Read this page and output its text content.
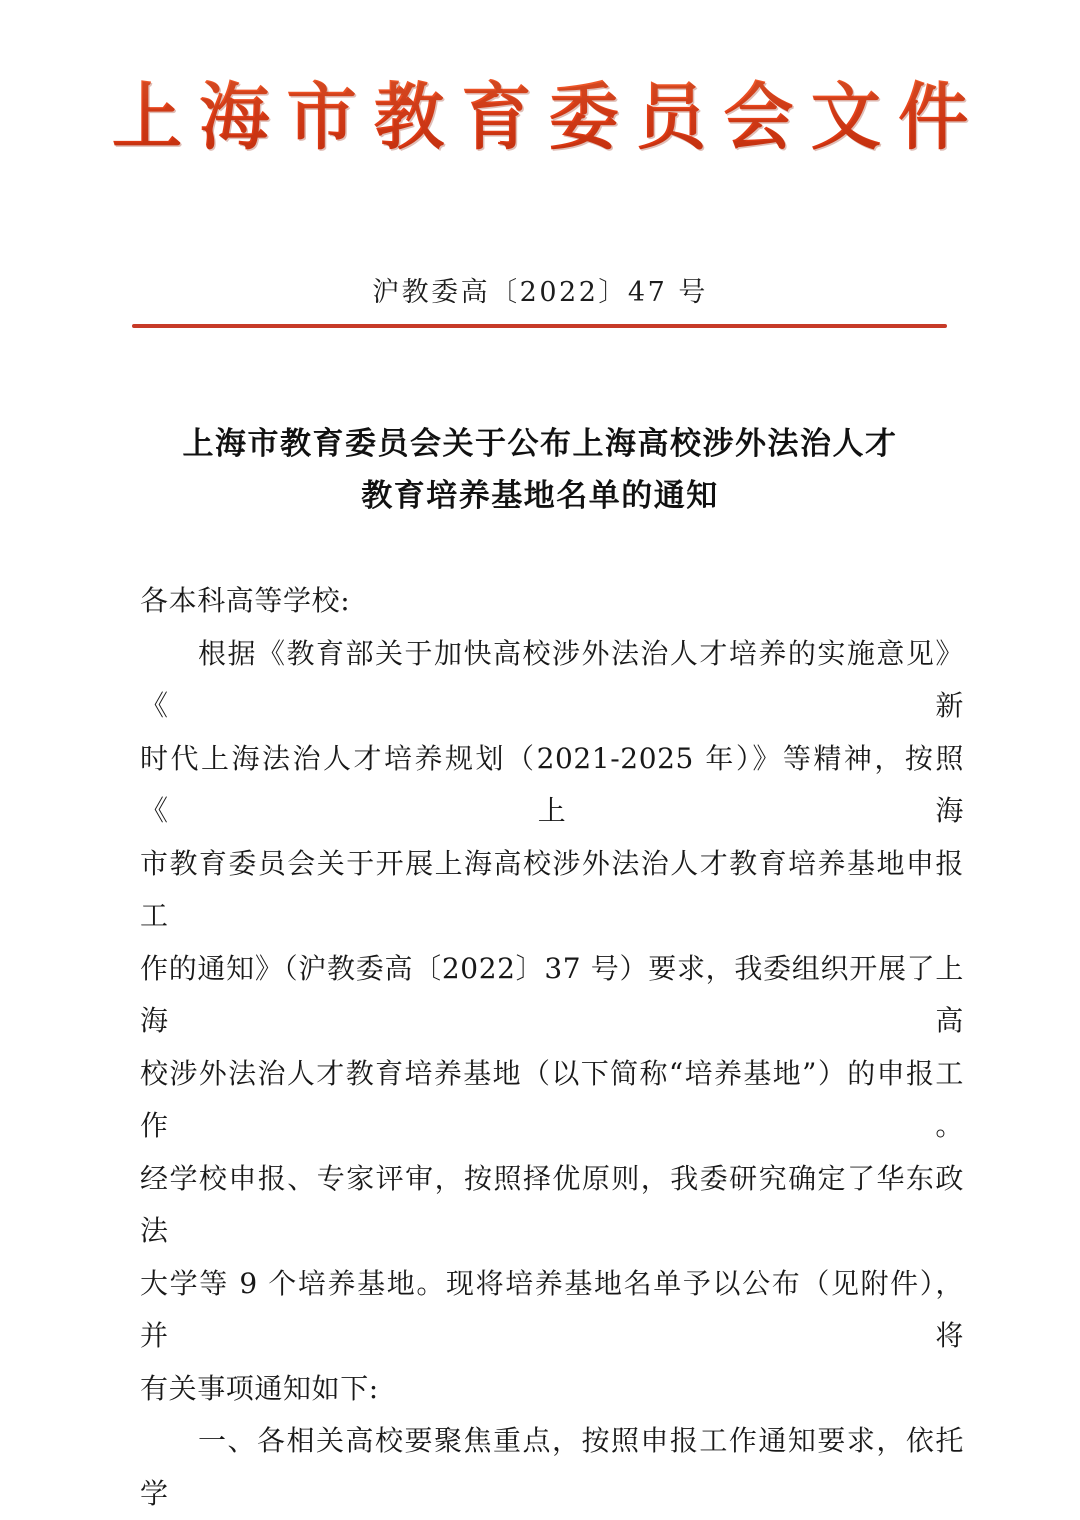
上海市教育委员会文件
沪教委高〔2022〕47 号
上海市教育委员会关于公布上海高校涉外法治人才
教育培养基地名单的通知
各本科高等学校:
根据《教育部关于加快高校涉外法治人才培养的实施意见》《新
时代上海法治人才培养规划（2021-2025 年）》等精神，按照《上海
市教育委员会关于开展上海高校涉外法治人才教育培养基地申报工
作的通知》（沪教委高〔2022〕37 号）要求，我委组织开展了上海高
校涉外法治人才教育培养基地（以下简称“培养基地”）的申报工作。
经学校申报、专家评审，按照择优原则，我委研究确定了华东政法
大学等 9 个培养基地。现将培养基地名单予以公布（见附件），并将
有关事项通知如下:
一、各相关高校要聚焦重点，按照申报工作通知要求，依托学
